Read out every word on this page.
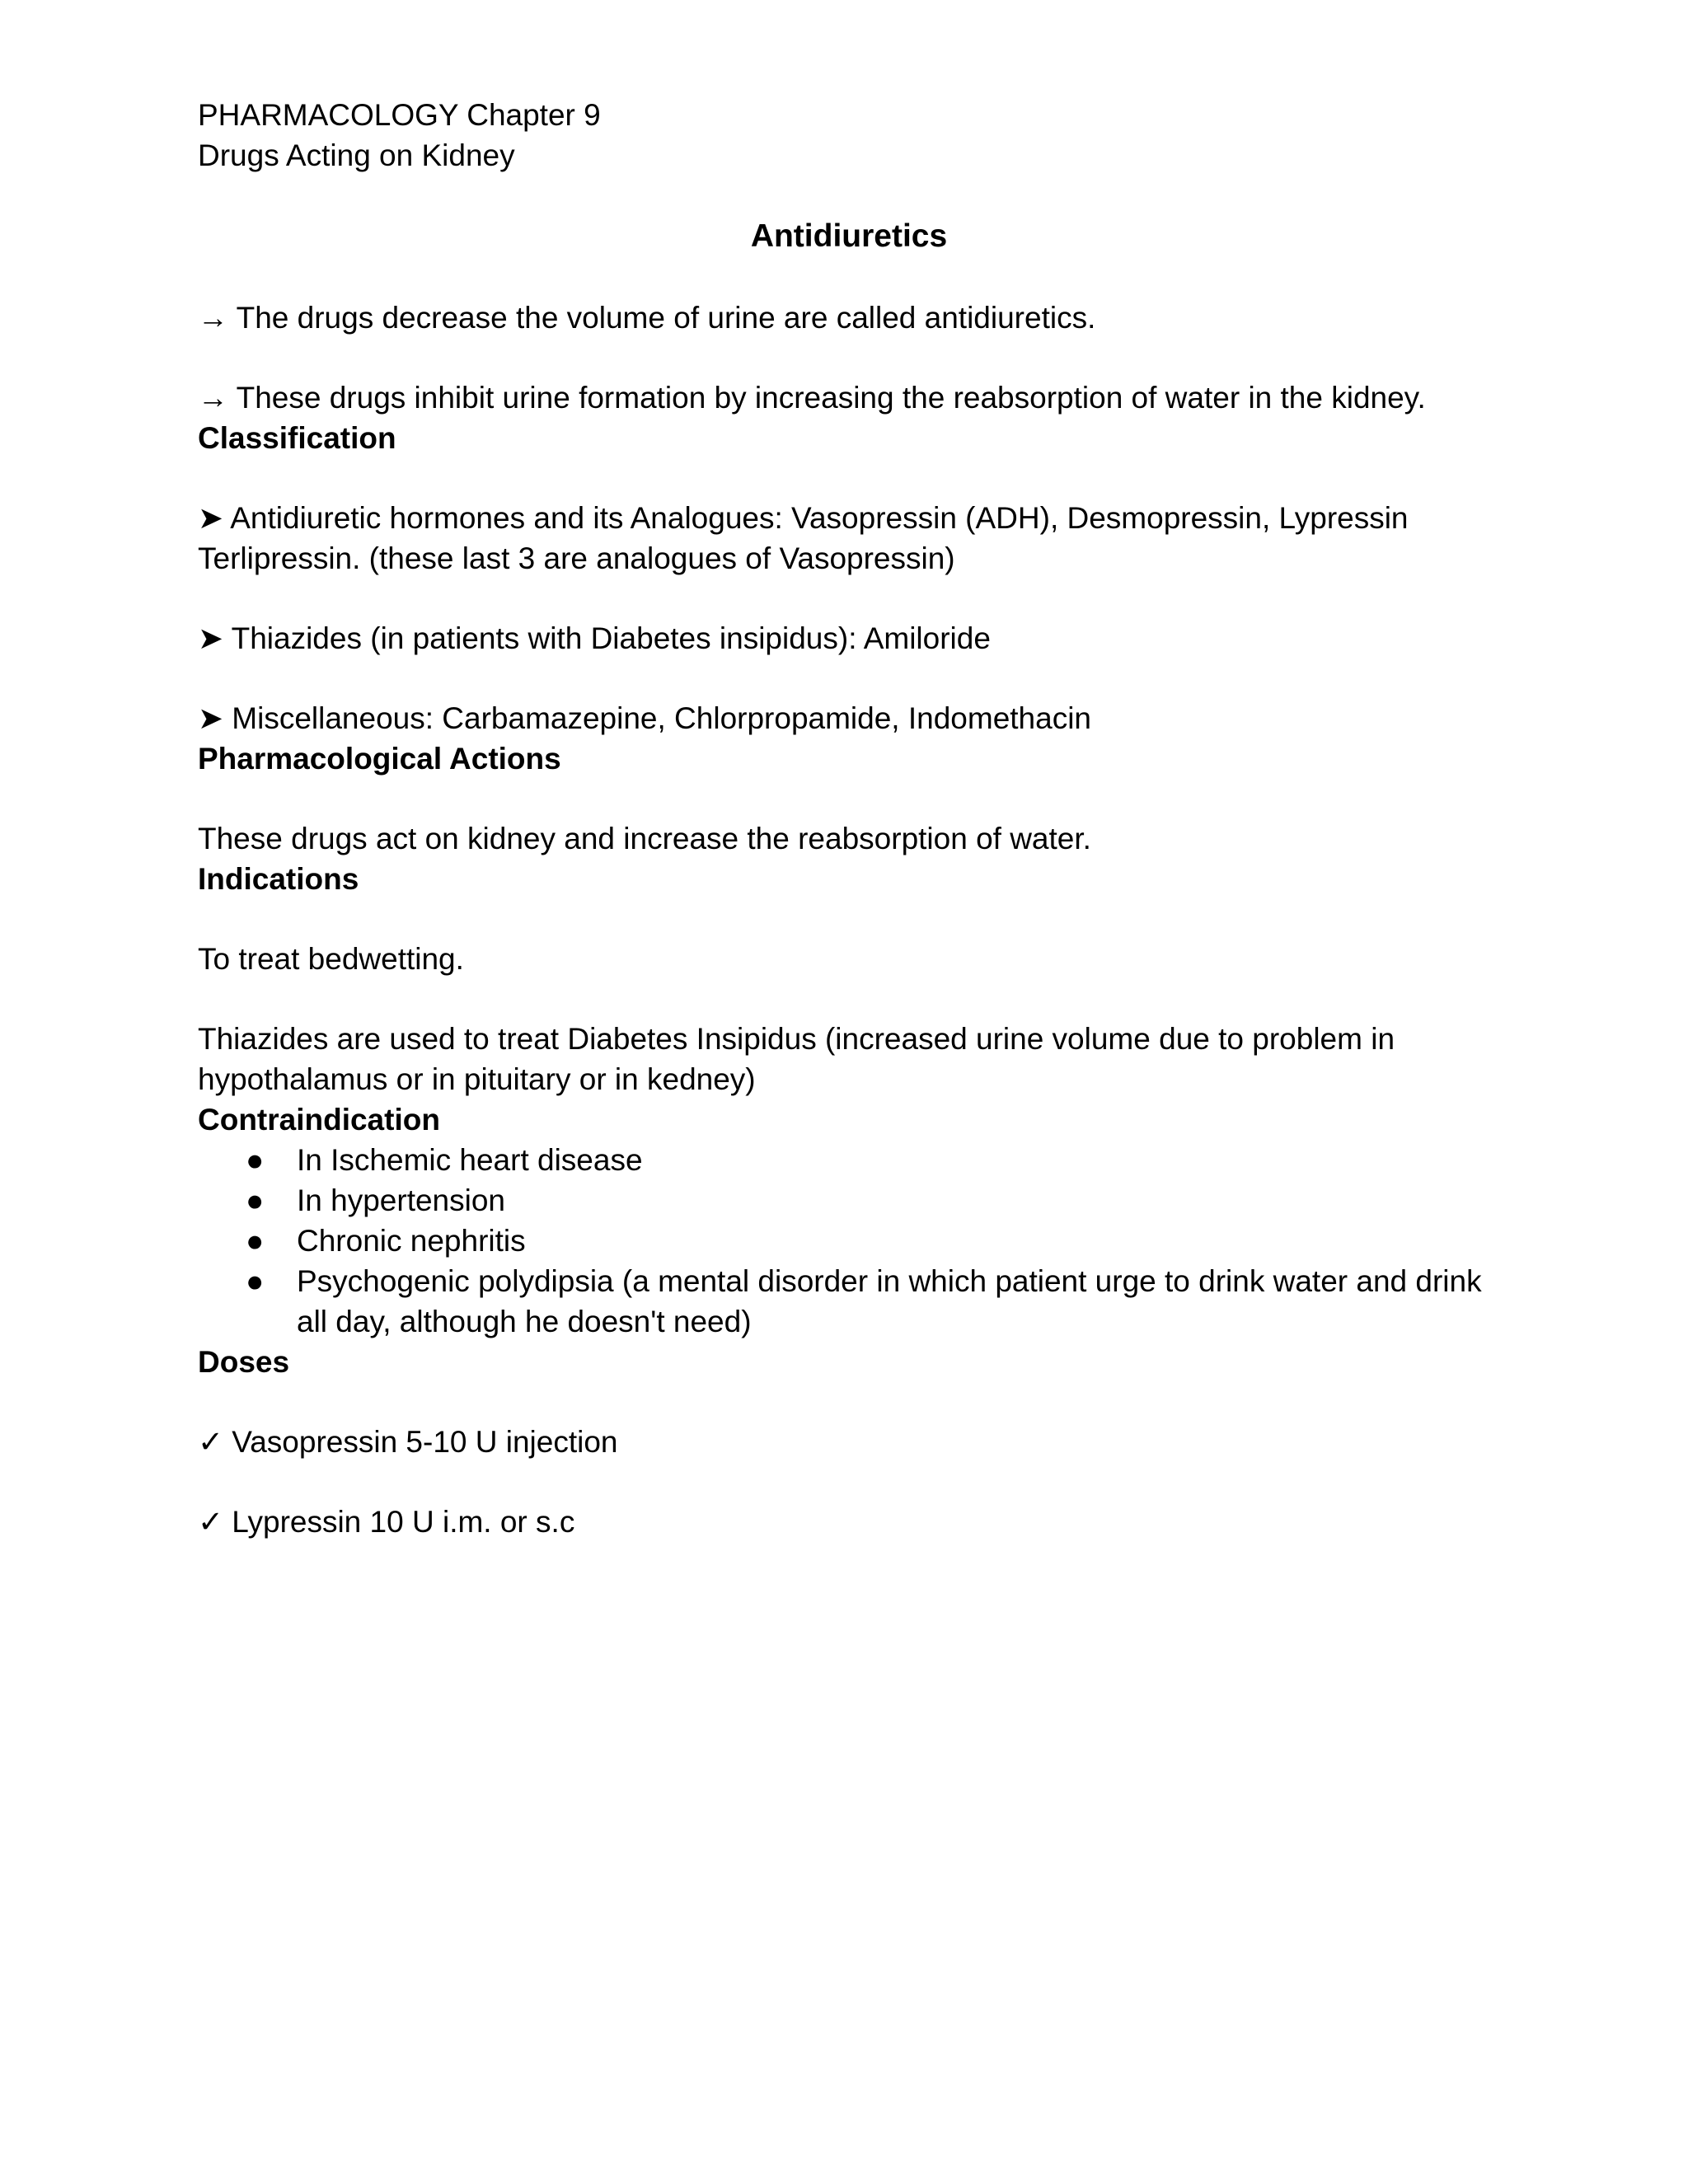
PHARMACOLOGY Chapter 9

Drugs Acting on Kidney

Antidiuretics

→ The drugs decrease the volume of urine are called antidiuretics.

→ These drugs inhibit urine formation by increasing the reabsorption of water in the kidney.

Classification

➤ Antidiuretic hormones and its Analogues: Vasopressin (ADH), Desmopressin, Lypressin Terlipressin. (these last 3 are analogues of Vasopressin)

➤ Thiazides (in patients with Diabetes insipidus): Amiloride

➤ Miscellaneous: Carbamazepine, Chlorpropamide, Indomethacin

Pharmacological Actions

These drugs act on kidney and increase the reabsorption of water.

Indications

To treat bedwetting.

Thiazides are used to treat Diabetes Insipidus (increased urine volume due to problem in hypothalamus or in pituitary or in kedney)

Contraindication

● In Ischemic heart disease
● In hypertension
● Chronic nephritis
● Psychogenic polydipsia (a mental disorder in which patient urge to drink water and drink all day, although he doesn't need)

Doses

✓ Vasopressin 5-10 U injection

✓ Lypressin 10 U i.m. or s.c
